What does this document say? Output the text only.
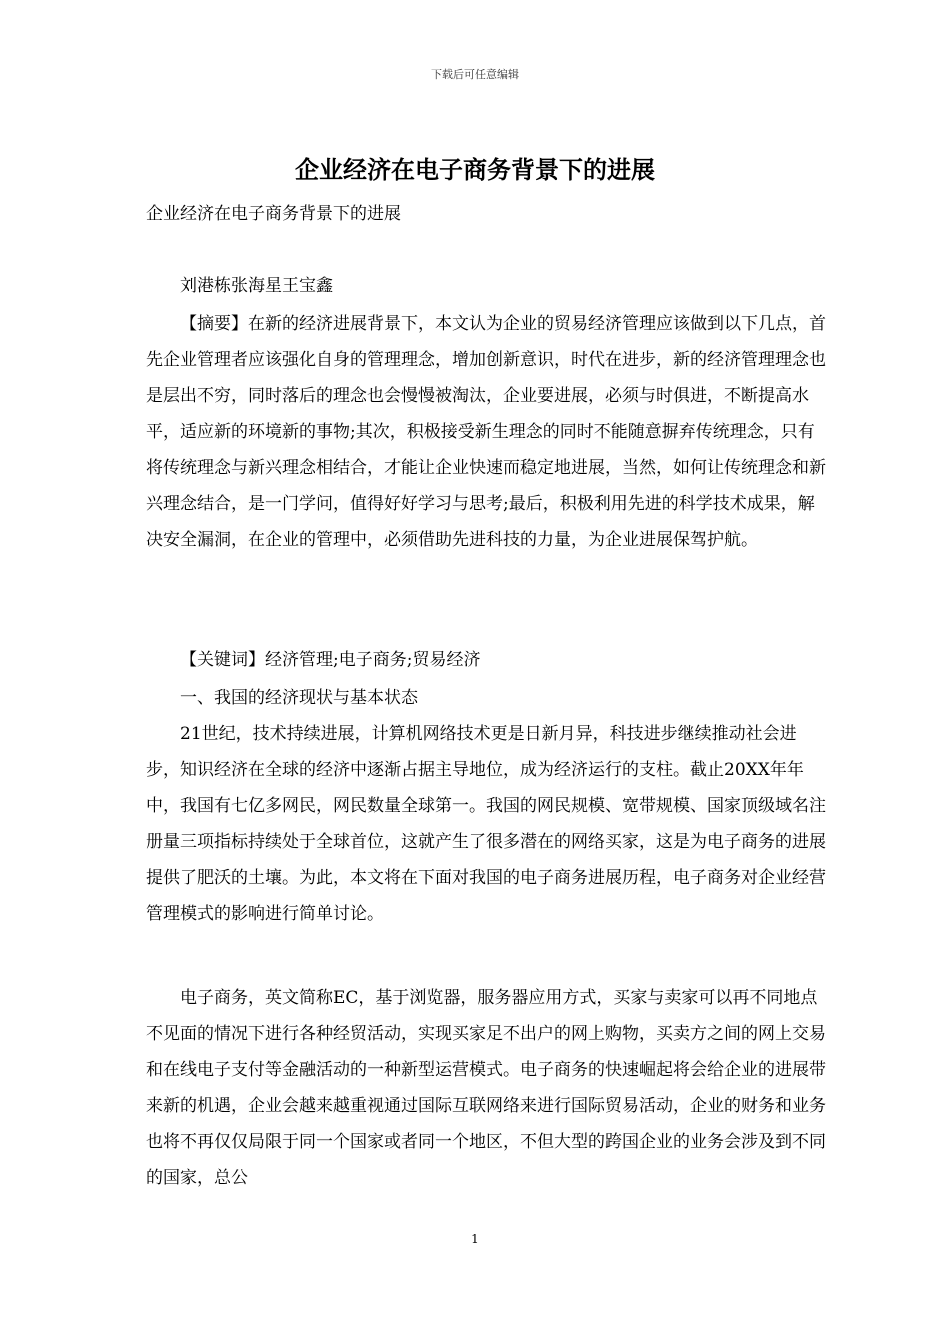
下载后可任意编辑
企业经济在电子商务背景下的进展

企业经济在电子商务背景下的进展

刘港栋张海星王宝鑫

【摘要】在新的经济进展背景下，本文认为企业的贸易经济管理应该做到以下几点，首先企业管理者应该强化自身的管理理念，增加创新意识，时代在进步，新的经济管理理念也是层出不穷，同时落后的理念也会慢慢被淘汰，企业要进展，必须与时俱进，不断提高水平，适应新的环境新的事物;其次，积极接受新生理念的同时不能随意摒弃传统理念，只有将传统理念与新兴理念相结合，才能让企业快速而稳定地进展，当然，如何让传统理念和新兴理念结合，是一门学问，值得好好学习与思考;最后，积极利用先进的科学技术成果，解决安全漏洞，在企业的管理中，必须借助先进科技的力量，为企业进展保驾护航。

【关键词】经济管理;电子商务;贸易经济

一、我国的经济现状与基本状态

21世纪，技术持续进展，计算机网络技术更是日新月异，科技进步继续推动社会进步，知识经济在全球的经济中逐渐占据主导地位，成为经济运行的支柱。截止20XX年年中，我国有七亿多网民，网民数量全球第一。我国的网民规模、宽带规模、国家顶级域名注册量三项指标持续处于全球首位，这就产生了很多潜在的网络买家，这是为电子商务的进展提供了肥沃的土壤。为此，本文将在下面对我国的电子商务进展历程，电子商务对企业经营管理模式的影响进行简单讨论。

电子商务，英文简称EC，基于浏览器，服务器应用方式，买家与卖家可以再不同地点不见面的情况下进行各种经贸活动，实现买家足不出户的网上购物，买卖方之间的网上交易和在线电子支付等金融活动的一种新型运营模式。电子商务的快速崛起将会给企业的进展带来新的机遇，企业会越来越重视通过国际互联网络来进行国际贸易活动，企业的财务和业务也将不再仅仅局限于同一个国家或者同一个地区，不但大型的跨国企业的业务会涉及到不同的国家，总公

1
